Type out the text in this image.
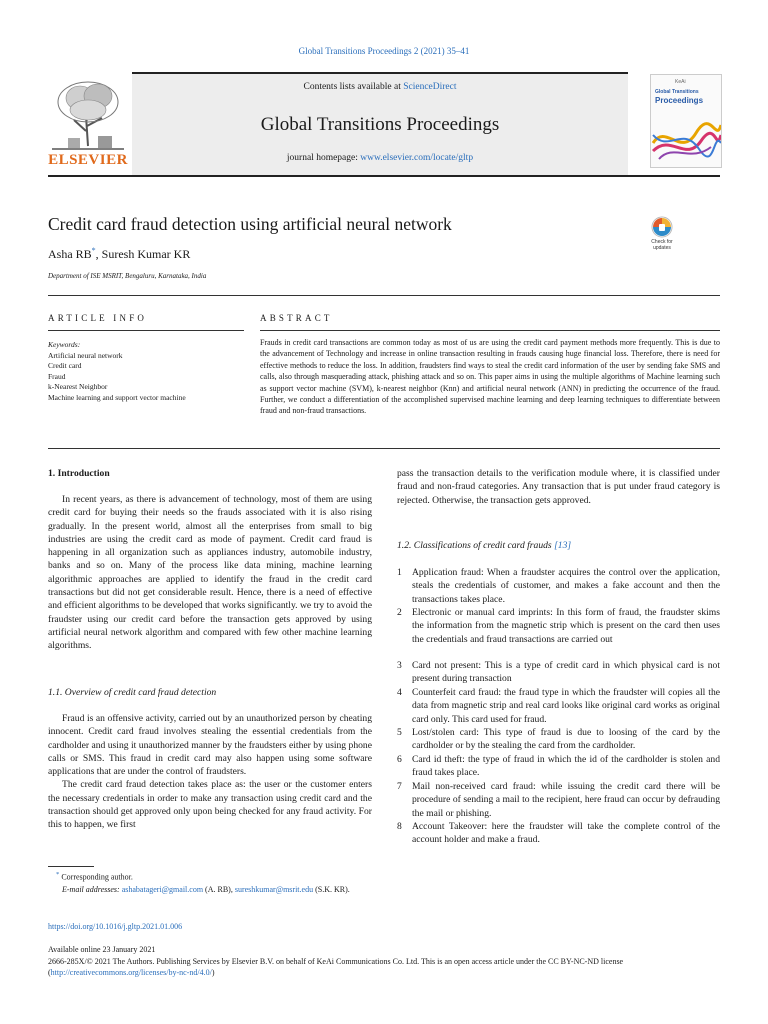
Global Transitions Proceedings 2 (2021) 35–41
ELSEVIER
Contents lists available at ScienceDirect
Global Transitions Proceedings
journal homepage: www.elsevier.com/locate/gltp
KeAi
Global Transitions
Proceedings
Credit card fraud detection using artificial neural network
Asha RB*, Suresh Kumar KR
Department of ISE MSRIT, Bengaluru, Karnataka, India
Check for updates
ARTICLE INFO	ABSTRACT
Keywords:
Artificial neural network
Credit card
Fraud
k-Nearest Neighbor
Machine learning and support vector machine
Frauds in credit card transactions are common today as most of us are using the credit card payment methods more frequently. This is due to the advancement of Technology and increase in online transaction resulting in frauds causing huge financial loss. Therefore, there is need for effective methods to reduce the loss. In addition, fraudsters find ways to steal the credit card information of the user by sending fake SMS and calls, also through masquerading attack, phishing attack and so on. This paper aims in using the multiple algorithms of Machine learning such as support vector machine (SVM), k-nearest neighbor (Knn) and artificial neural network (ANN) in predicting the occurrence of the fraud. Further, we conduct a differentiation of the accomplished supervised machine learning and deep learning techniques to differentiate between fraud and non-fraud transactions.
1. Introduction

In recent years, as there is advancement of technology, most of them are using credit card for buying their needs so the frauds associated with it is also rising gradually. In the present world, almost all the enterprises from small to big industries are using the credit card as mode of payment. Credit card fraud is happening in all organization such as appliances industry, automobile industry, banks and so on. Many of the process like data mining, machine learning algorithmic approaches are applied to identify the fraud in the credit card transactions but did not get considerable result. Hence, there is a need of effective and efficient algorithms to be developed that works significantly. we try to avoid the fraudster using our credit card before the transaction gets approved by using artificial neural network algorithm and compared with few other machine learning algorithms.

1.1. Overview of credit card fraud detection

Fraud is an offensive activity, carried out by an unauthorized person by cheating innocent. Credit card fraud involves stealing the essential credentials from the cardholder and using it unauthorized manner by the fraudsters either by using phone calls or SMS. This fraud in credit card may also happen using some software applications that are under the control of fraudsters.

The credit card fraud detection takes place as: the user or the customer enters the necessary credentials in order to make any transaction using credit card and the transaction should get approved only upon being checked for any fraud activity. For this to happen, we first

pass the transaction details to the verification module where, it is classified under fraud and non-fraud categories. Any transaction that is put under fraud category is rejected. Otherwise, the transaction gets approved.

1.2. Classifications of credit card frauds [13]
1 Application fraud: When a fraudster acquires the control over the application, steals the credentials of customer, and makes a fake account and then the transactions takes place.
2 Electronic or manual card imprints: In this form of fraud, the fraudster skims the information from the magnetic strip which is present on the card then uses the credentials and fraud transactions are carried out
3 Card not present: This is a type of credit card in which physical card is not present during transaction
4 Counterfeit card fraud: the fraud type in which the fraudster will copies all the data from magnetic strip and real card looks like original card works as original card only. This card used for fraud.
5 Lost/stolen card: This type of fraud is due to loosing of the card by the cardholder or by the stealing the card from the cardholder.
6 Card id theft: the type of fraud in which the id of the cardholder is stolen and fraud takes place.
7 Mail non-received card fraud: while issuing the credit card there will be procedure of sending a mail to the recipient, here fraud can occur by defrauding the mail or phishing.
8 Account Takeover: here the fraudster will take the complete control of the account holder and make a fraud.
* Corresponding author.
E-mail addresses: ashabatageri@gmail.com (A. RB), sureshkumar@msrit.edu (S.K. KR).
https://doi.org/10.1016/j.gltp.2021.01.006
Available online 23 January 2021
2666-285X/© 2021 The Authors. Publishing Services by Elsevier B.V. on behalf of KeAi Communications Co. Ltd. This is an open access article under the CC BY-NC-ND license (http://creativecommons.org/licenses/by-nc-nd/4.0/)
